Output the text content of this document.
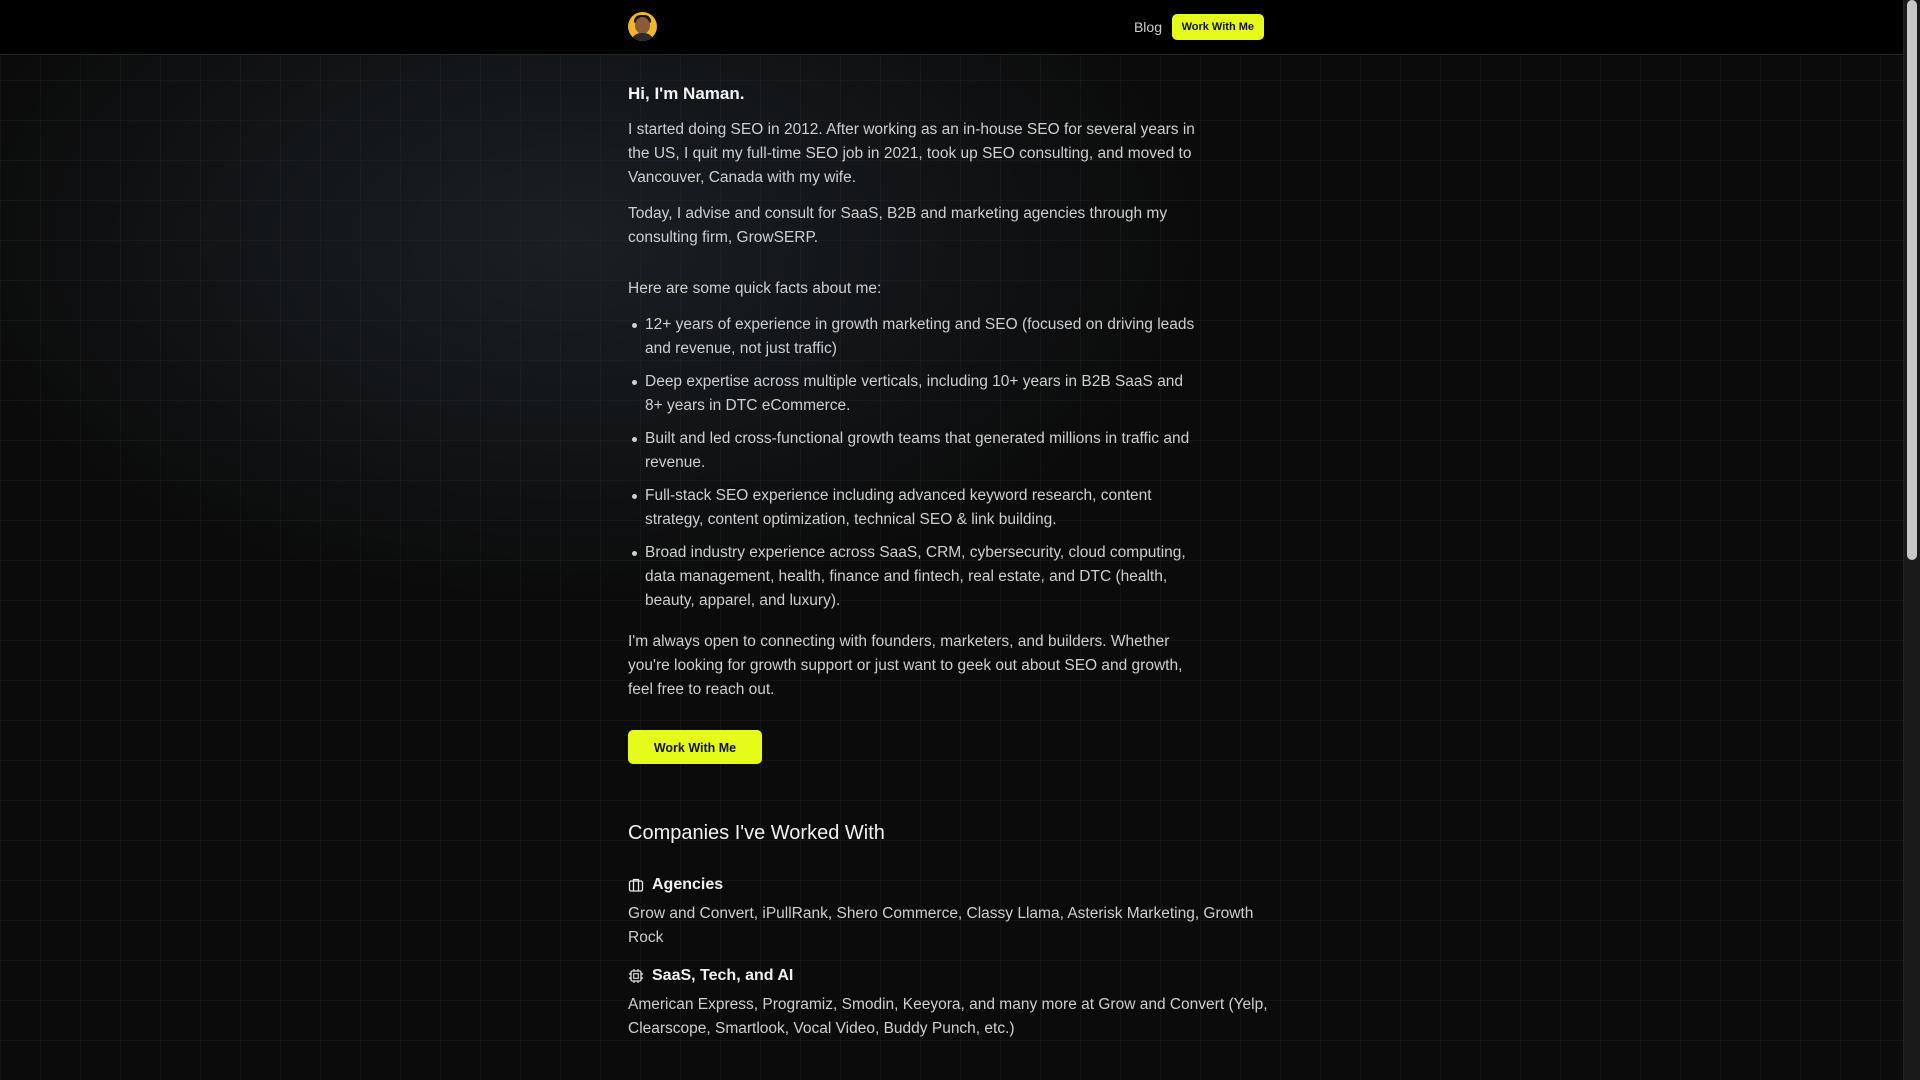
Blog	Work With Me
Hi, I'm Naman.

I started doing SEO in 2012. After working as an in-house SEO for several years in the US, I quit my full-time SEO job in 2021, took up SEO consulting, and moved to Vancouver, Canada with my wife.

Today, I advise and consult for SaaS, B2B and marketing agencies through my consulting firm, GrowSERP.

Here are some quick facts about me:

12+ years of experience in growth marketing and SEO (focused on driving leads and revenue, not just traffic)
Deep expertise across multiple verticals, including 10+ years in B2B SaaS and 8+ years in DTC eCommerce.
Built and led cross-functional growth teams that generated millions in traffic and revenue.
Full-stack SEO experience including advanced keyword research, content strategy, content optimization, technical SEO & link building.
Broad industry experience across SaaS, CRM, cybersecurity, cloud computing, data management, health, finance and fintech, real estate, and DTC (health, beauty, apparel, and luxury).

I'm always open to connecting with founders, marketers, and builders. Whether you're looking for growth support or just want to geek out about SEO and growth, feel free to reach out.

Work With Me
Companies I've Worked With
Agencies

Grow and Convert, iPullRank, Shero Commerce, Classy Llama, Asterisk Marketing, Growth Rock

SaaS, Tech, and AI

American Express, Programiz, Smodin, Keeyora, and many more at Grow and Convert (Yelp, Clearscope, Smartlook, Vocal Video, Buddy Punch, etc.)
